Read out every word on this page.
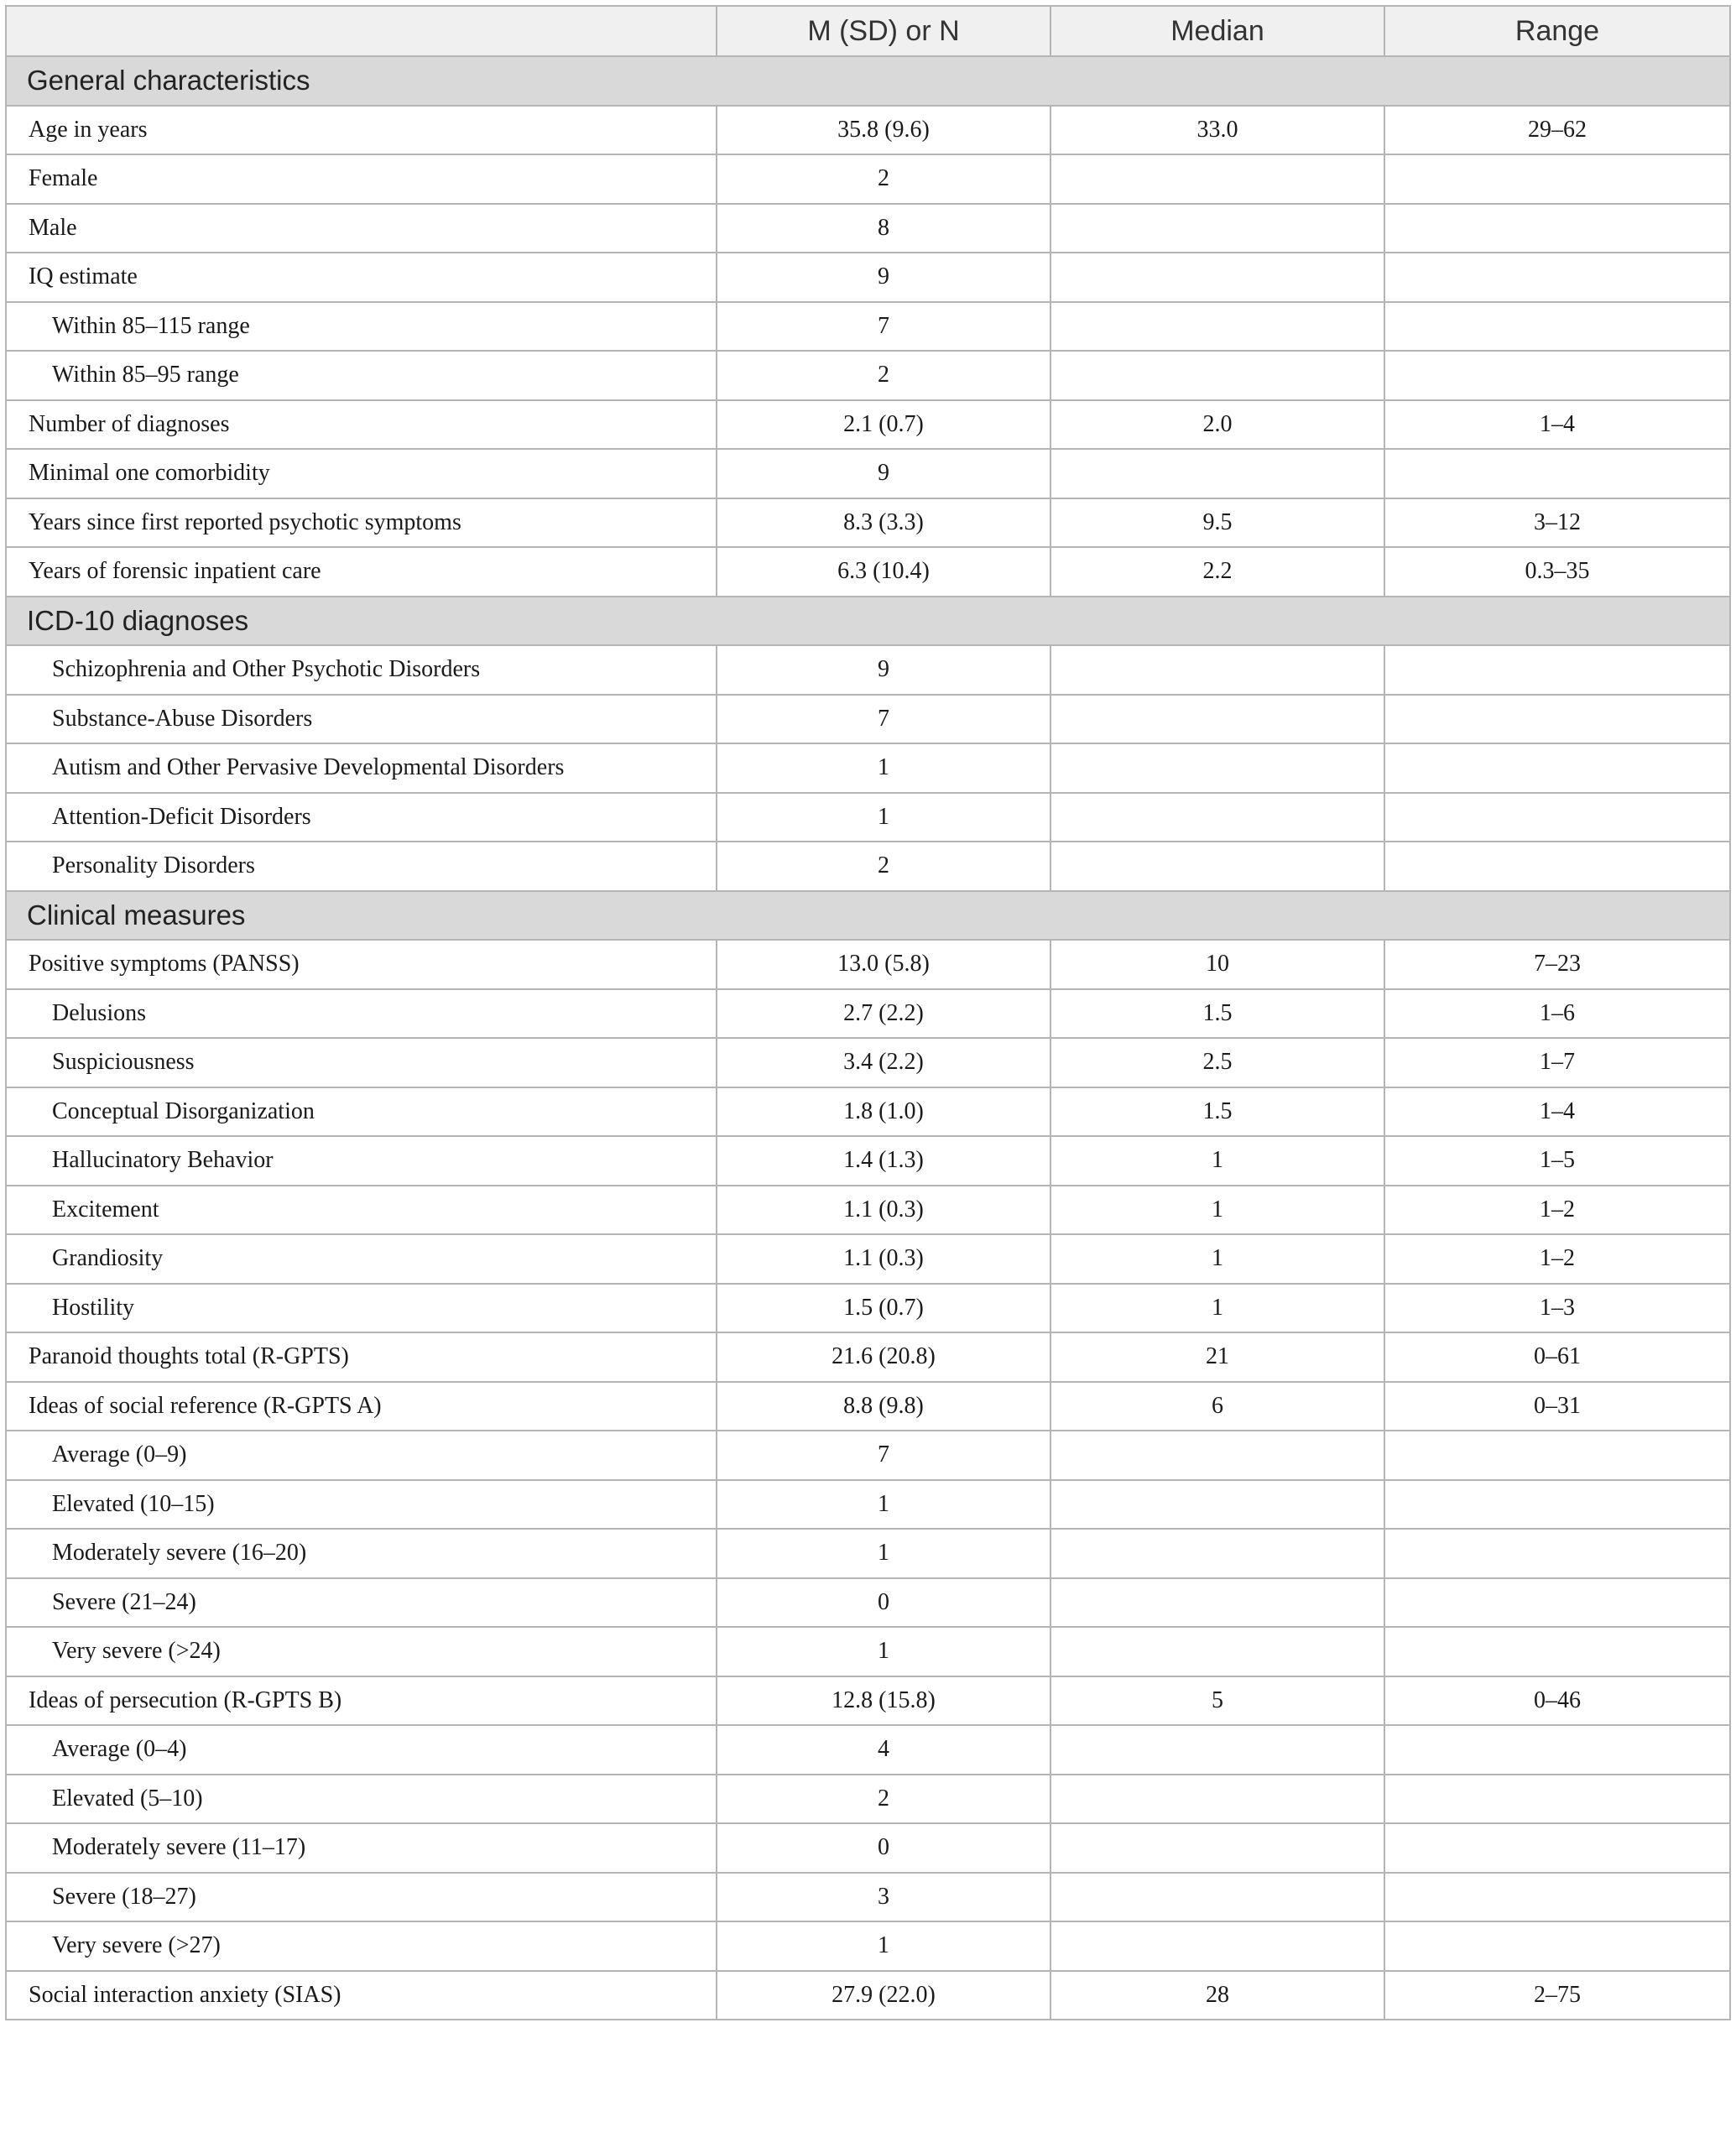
	M (SD) or N	Median	Range
General characteristics			
Age in years	35.8 (9.6)	33.0	29–62
Female	2		
Male	8		
IQ estimate	9		
Within 85–115 range	7		
Within 85–95 range	2		
Number of diagnoses	2.1 (0.7)	2.0	1–4
Minimal one comorbidity	9		
Years since first reported psychotic symptoms	8.3 (3.3)	9.5	3–12
Years of forensic inpatient care	6.3 (10.4)	2.2	0.3–35
ICD-10 diagnoses			
Schizophrenia and Other Psychotic Disorders	9		
Substance-Abuse Disorders	7		
Autism and Other Pervasive Developmental Disorders	1		
Attention-Deficit Disorders	1		
Personality Disorders	2		
Clinical measures			
Positive symptoms (PANSS)	13.0 (5.8)	10	7–23
Delusions	2.7 (2.2)	1.5	1–6
Suspiciousness	3.4 (2.2)	2.5	1–7
Conceptual Disorganization	1.8 (1.0)	1.5	1–4
Hallucinatory Behavior	1.4 (1.3)	1	1–5
Excitement	1.1 (0.3)	1	1–2
Grandiosity	1.1 (0.3)	1	1–2
Hostility	1.5 (0.7)	1	1–3
Paranoid thoughts total (R-GPTS)	21.6 (20.8)	21	0–61
Ideas of social reference (R-GPTS A)	8.8 (9.8)	6	0–31
Average (0–9)	7		
Elevated (10–15)	1		
Moderately severe (16–20)	1		
Severe (21–24)	0		
Very severe (>24)	1		
Ideas of persecution (R-GPTS B)	12.8 (15.8)	5	0–46
Average (0–4)	4		
Elevated (5–10)	2		
Moderately severe (11–17)	0		
Severe (18–27)	3		
Very severe (>27)	1		
Social interaction anxiety (SIAS)	27.9 (22.0)	28	2–75
